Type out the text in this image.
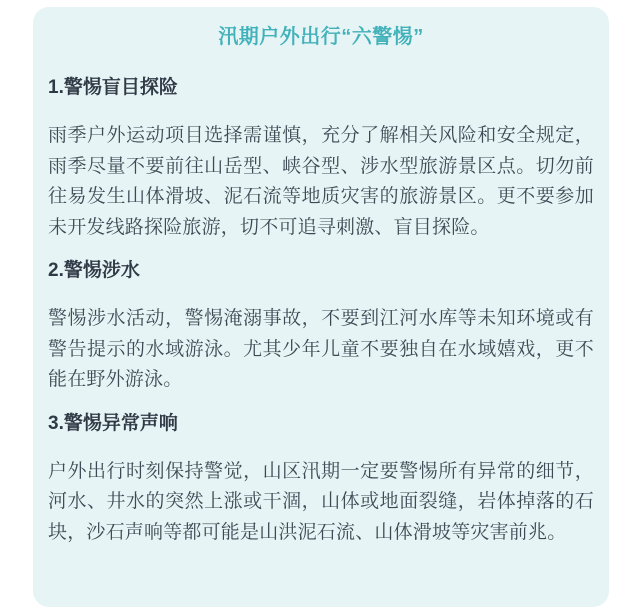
汛期户外出行“六警惕”
1.警惕盲目探险

雨季户外运动项目选择需谨慎，充分了解相关风险和安全规定，雨季尽量不要前往山岳型、峡谷型、涉水型旅游景区点。切勿前往易发生山体滑坡、泥石流等地质灾害的旅游景区。更不要参加未开发线路探险旅游，切不可追寻刺激、盲目探险。

2.警惕涉水

警惕涉水活动，警惕淹溺事故，不要到江河水库等未知环境或有警告提示的水域游泳。尤其少年儿童不要独自在水域嬉戏，更不能在野外游泳。

3.警惕异常声响

户外出行时刻保持警觉，山区汛期一定要警惕所有异常的细节，河水、井水的突然上涨或干涸，山体或地面裂缝，岩体掉落的石块，沙石声响等都可能是山洪泥石流、山体滑坡等灾害前兆。
